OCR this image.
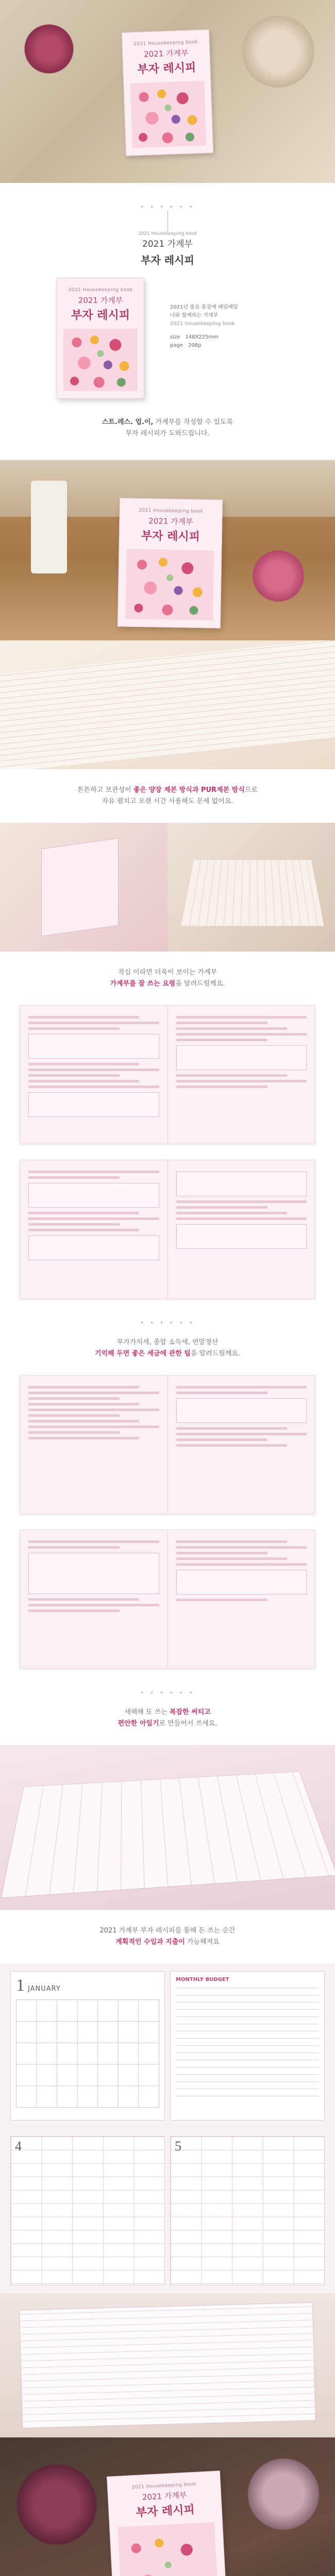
2021 Housekeeping book
2021 가계부
부자 레시피
• • • • • •
2021 Housekeeping book
2021 가계부
부자 레시피
2021 Housekeeping book
2021 가계부
부자 레시피
2021년 풍요 풍감에 배일배일
나와 함께하는 가계부
2021 housekeeping book
size 148X225mm
page 208p
스트.레스. 업.이, 가계부를 작성할 수 있도록
부자 레시피가 도와드립니다.
2021 Housekeeping book
2021 가계부
부자 레시피
튼튼하고 보관성이 좋은 양장 제본 방식과 PUR제본 방식으로
자유 펼치고 오랜 시간 사용해도 문제 없어요.
작심 이라면 더욱이 보이는 가계부
가계부를 잘 쓰는 요령을 알려드릴께요.
• • • • • •
부가가치세, 종합 소득세, 연말정산
기억해 두면 좋은 세금에 관한 팁을 알려드릴께요.
• • • • • •
새해해 또 쓰는 복잡한 써티고
편안한 아일기로 만들어서 쓰세요.
2021 가계부 부자 레시피를 통해 돈 쓰는 순간
계획적인 수입과 지출이 가능해져요
1 JANUARY
MONTHLY BUDGET
4	5
2021 Housekeeping book
2021 가계부
부자 레시피
